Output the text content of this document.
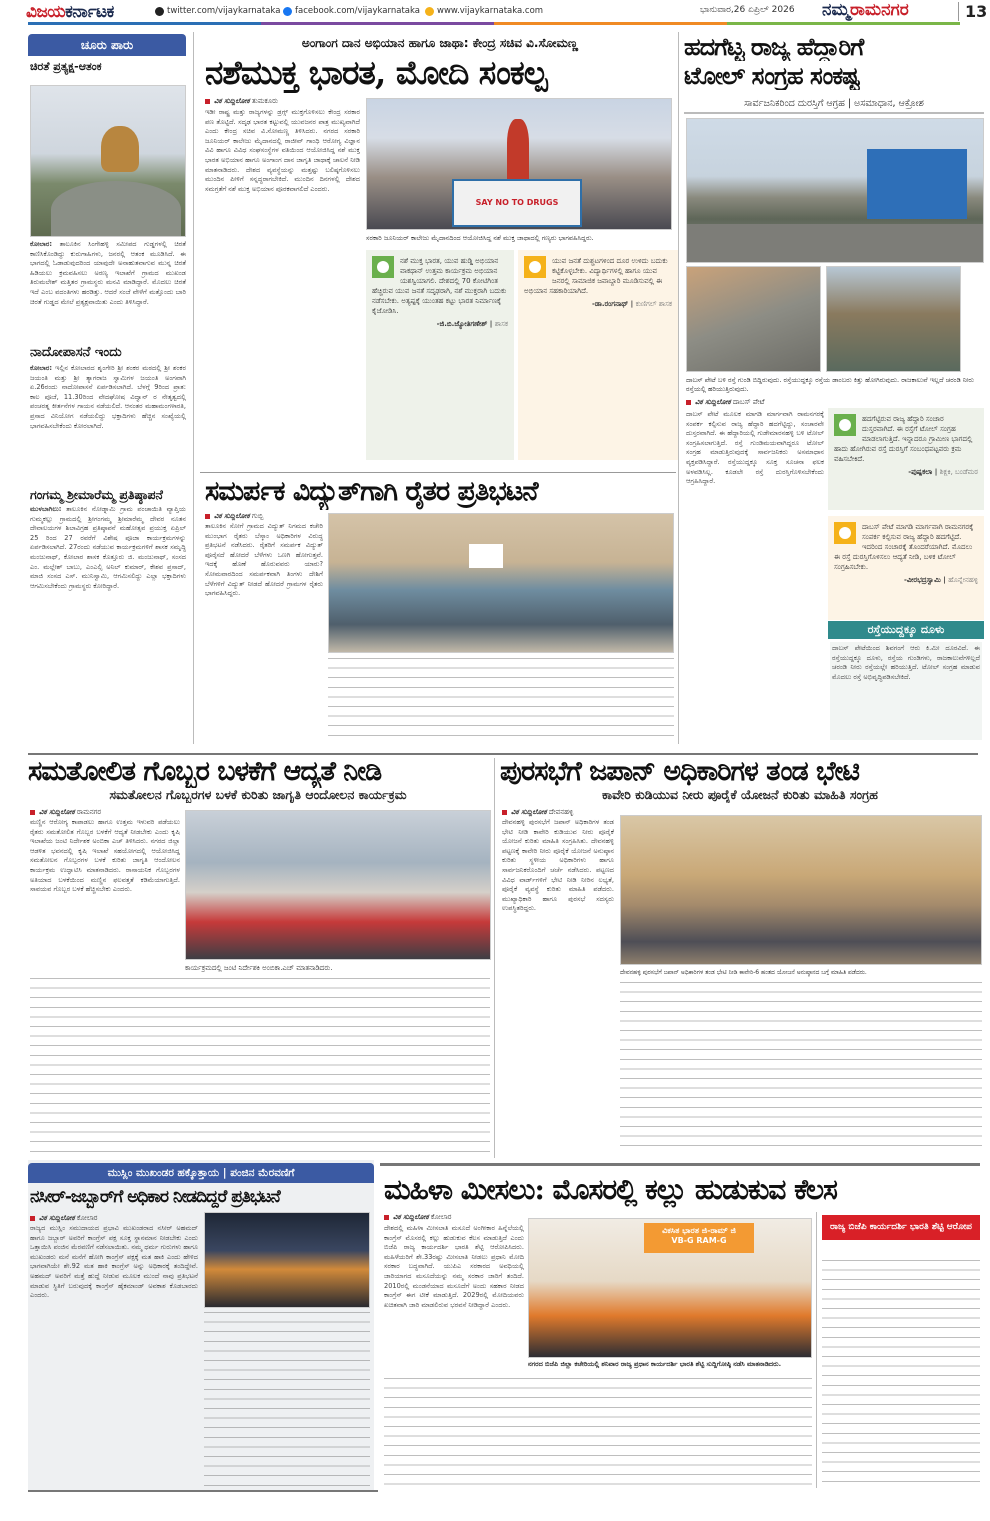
ವಿಜಯಕರ್ನಾಟಕ	twitter.com/vijaykarnataka facebook.com/vijaykarnataka www.vijaykarnataka.com	ಭಾನುವಾರ,26 ಏಪ್ರಿಲ್ 2026 ನಮ್ಮರಾಮನಗರ	13
ಚೂರು ಪಾರು
ಚಿರತೆ ಪ್ರತ್ಯಕ್ಷ-ಆತಂಕ
ಕೋಲಾರ: ತಾಲೂಕಿನ ಸಿಂಗೇಹಳ್ಳಿ ಸಮೀಪದ ಗುಡ್ಡಗಳಲ್ಲಿ ಚಿರತೆ ಕಾಣಿಸಿಕೊಂಡಿದ್ದು ಕುರುಗಾಹಿಗಳು, ಜನರಲ್ಲಿ ಆತಂಕ ಮೂಡಿಸಿದೆ. ಈ ಭಾಗದಲ್ಲಿ ಓಡಾಡುವುದರಿಂದ ಯಾವುದೇ ಅನಾಹುತವಾಗುವ ಮುನ್ನ ಚಿರತೆ ಹಿಡಿಯಲು ಕ್ರಮವಹಿಸಲು ಅರಣ್ಯ ಇಲಾಖೆಗೆ ಗ್ರಾಮದ ಮುಖಂಡ ತಿರುಮಲೇಶ್ ಮತ್ತಿತರ ಗ್ರಾಮಸ್ಥರು ಮನವಿ ಮಾಡಿದ್ದಾರೆ. ಮೊದಲು ಚಿರತೆ ಇದೆ ಎಂಬ ವದಂತಿಗಳು ಹರಡಿತ್ತು. ಆದರೆ ಸಂಜೆ ವೇಳೆಗೆ ಮತ್ತೊಂದು ಬಾರಿ ಚಿರತೆ ಗುಡ್ಡದ ಮೇಲೆ ಪ್ರತ್ಯಕ್ಷವಾಯಿತು ಎಂದು ತಿಳಿಸಿದ್ದಾರೆ.
ನಾದೋಪಾಸನೆ ಇಂದು
ಕೋಲಾರ: ಇಲ್ಲಿನ ಕೋಲಾರದ ಶೃಂಗೇರಿ ಶ್ರೀ ಶಂಕರ ಮಠದಲ್ಲಿ ಶ್ರೀ ಶಂಕರ ಜಯಂತಿ ಮತ್ತು ಶ್ರೀ ತ್ಯಾಗರಾಜ ಸ್ವಾಮಿಗಳ ಜಯಂತಿ ಅಂಗವಾಗಿ ಏ.26ರಂದು ನಾದೋಪಾಸನೆ ಏರ್ಪಡಿಸಲಾಗಿದೆ. ಬೆಳಗ್ಗೆ 9ರಿಂದ ಪ್ರಾತ: ಕಾಲ ಪೂಜೆ, 11.30ರಿಂದ ವೇದಘೋಷ ವಿದ್ವಾನ್ ರ ನೇತೃತ್ವದಲ್ಲಿ ಪಂಚರತ್ನ ಕೀರ್ತನೆಗಳ ಗಾಯನ ನಡೆಯಲಿದೆ. ಆನಂತರ ಮಹಾಮಂಗಳಾರತಿ, ಪ್ರಸಾದ ವಿನಿಯೋಗ ನಡೆಯಲಿದ್ದು ಭಕ್ತಾದಿಗಳು ಹೆಚ್ಚಿನ ಸಂಖ್ಯೆಯಲ್ಲಿ ಭಾಗವಹಿಸಬೇಕೆಂದು ಕೋರಲಾಗಿದೆ.
ಗಂಗಮ್ಮ ಶ್ರೀಮಾರೆಮ್ಮ ಪ್ರತಿಷ್ಠಾಪನೆ
ಮುಳಬಾಗಿಲು: ತಾಲೂಕಿನ ನೋಡ್ನಾಮಿ ಗ್ರಾಮ ಪಂಚಾಯಿತಿ ವ್ಯಾಪ್ತಿಯ ಗುಮ್ಮಕಲ್ಲು ಗ್ರಾಮದಲ್ಲಿ ಶ್ರೀಗಂಗಮ್ಮ ಶ್ರೀಮಾರೆಮ್ಮ ದೇವರ ನೂತನ ದೇವಾಲಯಗಳ ಶಿಲಾವಿಗ್ರಹ ಪ್ರತಿಷ್ಠಾಪನೆ ಮಹೋತ್ಸವ ಪ್ರಯುಕ್ತ ಏಪ್ರಿಲ್ 25 ರಿಂದ 27 ರವರೆಗೆ ವಿಶೇಷ ಪೂಜಾ ಕಾರ್ಯಕ್ರಮಗಳನ್ನು ಏರ್ಪಡಿಸಲಾಗಿದೆ. 27ರಂದು ನಡೆಯುವ ಕಾರ್ಯಕ್ರಮಗಳಿಗೆ ಶಾಸಕ ಸಮೃದ್ಧಿ ಮಂಜುನಾಥ್, ಕೋಲಾರ ಶಾಸಕ ಕೊತ್ತೂರು ಜಿ. ಮಂಜುನಾಥ್, ಸಂಸದ ಎಂ. ಮಲ್ಲೇಶ್ ಬಾಬು, ಎಂಎಲ್ಸಿ ಅನಿಲ್ ಕುಮಾರ್, ಕೇಶವ ಪ್ರಸಾದ್, ಮಾಜಿ ಸಂಸದ ಎಸ್. ಮುನಿಸ್ವಾಮಿ, ಆಗಮಿಸಲಿದ್ದು ಎಲ್ಲಾ ಭಕ್ತಾದಿಗಳು ಆಗಮಿಸಬೇಕೆಂದು ಗ್ರಾಮಸ್ಥರು ಕೋರಿದ್ದಾರೆ.
ಅಂಗಾಂಗ ದಾನ ಅಭಿಯಾನ ಹಾಗೂ ಜಾಥಾ: ಕೇಂದ್ರ ಸಚಿವ ವಿ.ಸೋಮಣ್ಣ
ನಶೆಮುಕ್ತ ಭಾರತ, ಮೋದಿ ಸಂಕಲ್ಪ
ವಿಕ ಸುದ್ದಿಲೋಕ ತುಮಕೂರು
ಇಡೀ ರಾಷ್ಟ್ರ ಮತ್ತು ರಾಜ್ಯಗಳನ್ನು ಡ್ರಗ್ಸ್ ಮುಕ್ತಗೊಳಿಸಲು ಕೇಂದ್ರ ಸರಕಾರ ಪಣ ತೊಟ್ಟಿದೆ. ಸದೃಢ ಭಾರತ ಕಟ್ಟುವಲ್ಲಿ ಯುವಜನರ ಪಾತ್ರ ಮುಖ್ಯವಾಗಿದೆ ಎಂದು ಕೇಂದ್ರ ಸಚಿವ ವಿ.ಸೋಮಣ್ಣ ತಿಳಿಸಿದರು. ನಗರದ ಸರಕಾರಿ ಜೂನಿಯರ್ ಕಾಲೇಜು ಮೈದಾನದಲ್ಲಿ ರಾಜೀವ್ ಗಾಂಧಿ ಆರೋಗ್ಯ ವಿಜ್ಞಾನ ವಿವಿ ಹಾಗೂ ವಿವಿಧ ಸಂಘಸಂಸ್ಥೆಗಳ ವತಿಯಿಂದ ಆಯೋಜಿಸಿದ್ದ ನಶೆ ಮುಕ್ತ ಭಾರತ ಅಭಿಯಾನ ಹಾಗೂ ಅಂಗಾಂಗ ದಾನ ಜಾಗೃತಿ ಜಾಥಾಕ್ಕೆ ಚಾಲನೆ ನೀಡಿ ಮಾತನಾಡಿದರು. ದೇಶದ ವ್ಯವಸ್ಥೆಯನ್ನು ಮತ್ತಷ್ಟು ಬಲಿಷ್ಠಗೊಳಿಸಲು ಮುಂದಿನ ಪೀಳಿಗೆ ಸನ್ನದ್ಧರಾಗಬೇಕಿದೆ. ಮುಂದಿನ ದಿನಗಳಲ್ಲಿ ದೇಶದ ಸಮಗ್ರತೆಗೆ ನಶೆ ಮುಕ್ತ ಅಭಿಯಾನ ಪೂರಕವಾಗಲಿದೆ ಎಂದರು.
SAY NO TO DRUGS
ಸರಕಾರಿ ಜೂನಿಯರ್ ಕಾಲೇಜು ಮೈದಾನದಿಂದ ಆಯೋಜಿಸಿದ್ದ ನಶೆ ಮುಕ್ತ ಜಾಥಾದಲ್ಲಿ ಗಣ್ಯರು ಭಾಗವಹಿಸಿದ್ದರು.
ನಶೆ ಮುಕ್ತ ಭಾರತ, ಯುವ ಹುಡ್ಡಿ ಅಭಿಯಾನ ವಾಕಥಾನ್ ಉತ್ತಮ ಕಾರ್ಯಕ್ರಮ ಅಭಿಯಾನ ಯಶಸ್ವಿಯಾಗಲಿ. ದೇಶದಲ್ಲಿ 70 ಕೋಟಿಗಿಂತ ಹೆಚ್ಚಿರುವ ಯುವ ಜನತೆ ಸದೃಢರಾಗಿ, ನಶೆ ಮುಕ್ತರಾಗಿ ಬದುಕು ನಡೆಸಬೇಕು. ಅತ್ಯಷ್ಟಕ್ಕೆ ಯುಂತಹ ಕಟ್ಟು ಭಾರತ ನಿರ್ಮಾಣಕ್ಕೆ ಕೈಜೋಡಿಸಿ.
-ಜಿ.ಬಿ.ಜ್ಯೋತಿಗಣೇಶ್ | ಶಾಸಕ
ಯುವ ಜನತೆ ದುಶ್ಚಟಗಳಿಂದ ದೂರ ಉಳಿದು ಬದುಕು ಕಟ್ಟಿಕೊಳ್ಳಬೇಕು. ವಿದ್ಯಾರ್ಥಿಗಳಲ್ಲಿ ಹಾಗೂ ಯುವ ಜನರಲ್ಲಿ ಸಾಮಾಜಿಕ ಜವಾಬ್ದಾರಿ ಮೂಡಿಸುವಲ್ಲಿ ಈ ಅಭಿಯಾನ ಸಹಕಾರಿಯಾಗಿದೆ.
-ಡಾ.ರಂಗನಾಥ್ | ಕುಣಿಗಲ್ ಶಾಸಕ
ಹದಗೆಟ್ಟ ರಾಜ್ಯ ಹೆದ್ದಾರಿಗೆ
ಟೋಲ್ ಸಂಗ್ರಹ ಸಂಕಷ್ಟ
ಸಾರ್ವಜನಿಕರಿಂದ ದುರಸ್ತಿಗೆ ಆಗ್ರಹ | ಅಸಮಾಧಾನ, ಆಕ್ರೋಶ
ದಾಬಸ್ ಪೇಟೆ ಬಳಿ ರಸ್ತೆ ಗುಂಡಿ ಬಿದ್ದಿರುವುದು. ರಸ್ತೆಯುದ್ದಕ್ಕೂ ರಸ್ತೆಯ ಡಾಂಬರು ಕಿತ್ತು ಹೋಗಿರುವುದು. ರಾಜಕಾಲುವೆ ಇಲ್ಲದೆ ಚರಂಡಿ ನೀರು ರಸ್ತೆಯಲ್ಲಿ ಹರಿಯುತ್ತಿರುವುದು.
ವಿಕ ಸುದ್ದಿಲೋಕ ದಾಬಸ್ ಪೇಟೆ
ದಾಬಸ್ ಪೇಟೆ ಮೂಲಕ ಮಾಗಡಿ ಮಾರ್ಗವಾಗಿ ರಾಮನಗರಕ್ಕೆ ಸಂಪರ್ಕ ಕಲ್ಪಿಸುವ ರಾಜ್ಯ ಹೆದ್ದಾರಿ ಹದಗೆಟ್ಟಿದ್ದು, ಸಂಚಾರವೇ ದುಸ್ತರವಾಗಿದೆ. ಈ ಹೆದ್ದಾರಿಯಲ್ಲಿ ಗುಡೇಮಾರನಹಳ್ಳಿ ಬಳಿ ಟೋಲ್ ಸಂಗ್ರಹಿಸಲಾಗುತ್ತಿದೆ. ರಸ್ತೆ ಗುಂಡಿಮಯವಾಗಿದ್ದರೂ ಟೋಲ್ ಸಂಗ್ರಹ ಮಾಡುತ್ತಿರುವುದಕ್ಕೆ ಸಾರ್ವಜನಿಕರು ಅಸಮಾಧಾನ ವ್ಯಕ್ತಪಡಿಸಿದ್ದಾರೆ. ರಸ್ತೆಯುದ್ದಕ್ಕೂ ಸೂಕ್ತ ಸೂಚನಾ ಫಲಕ ಅಳವಡಿಸಿಲ್ಲ. ಕೂಡಲೇ ರಸ್ತೆ ದುರಸ್ತಿಗೊಳಿಸಬೇಕೆಂದು ಆಗ್ರಹಿಸಿದ್ದಾರೆ.
ಹದಗೆಟ್ಟಿರುವ ರಾಜ್ಯ ಹೆದ್ದಾರಿ ಸಂಚಾರ ದುಸ್ತರವಾಗಿದೆ. ಈ ರಸ್ತೆಗೆ ಟೋಲ್ ಸಂಗ್ರಹ ಮಾಡಲಾಗುತ್ತಿದೆ. ಇನ್ನಾದರೂ ಗ್ರಾಮೀಣ ಭಾಗದಲ್ಲಿ ಹಾದು ಹೋಗಿರುವ ರಸ್ತೆ ದುರಸ್ತಿಗೆ ಸಂಬಂಧಪಟ್ಟವರು ಕ್ರಮ ವಹಿಸಬೇಕಿದೆ.
-ಪುಷ್ಪಕಲಾ | ಶಿಕ್ಷಕಿ, ಬಂಡೆಮಠ
ದಾಬಸ್ ಪೇಟೆ ಮಾಗಡಿ ಮಾರ್ಗವಾಗಿ ರಾಮನಗರಕ್ಕೆ ಸಂಪರ್ಕ ಕಲ್ಪಿಸುವ ರಾಜ್ಯ ಹೆದ್ದಾರಿ ಹದಗೆಟ್ಟಿದೆ. ಇದರಿಂದ ಸಂಚಾರಕ್ಕೆ ತೊಂದರೆಯಾಗಿದೆ. ಮೊದಲು ಈ ರಸ್ತೆ ದುರಸ್ತಿಗೊಳಿಸಲು ಆದ್ಯತೆ ನೀಡಿ, ಬಳಿಕ ಟೋಲ್ ಸಂಗ್ರಹಿಸಬೇಕು.
-ವೀರಭದ್ರಸ್ವಾಮಿ | ಹೊನ್ನೇನಹಳ್ಳಿ
ರಸ್ತೆಯುದ್ದಕ್ಕೂ ದೂಳು
ದಾಬಸ್ ಪೇಟೆಯಿಂದ ಶಿವಗಂಗೆ ಆರು ಕಿ.ಮೀ ದೂರವಿದೆ. ಈ ರಸ್ತೆಯುದ್ದಕ್ಕೂ ದೂಳು, ರಸ್ತೆಯ ಗುಂಡಿಗಳು, ರಾಜಕಾಲುವೆಗಳಿಲ್ಲದೆ ಚರಂಡಿ ನೀರು ರಸ್ತೆಯಲ್ಲೇ ಹರಿಯುತ್ತಿದೆ. ಟೋಲ್ ಸಂಗ್ರಹ ಮಾಡುವ ಮೊದಲು ರಸ್ತೆ ಅಭಿವೃದ್ಧಿಪಡಿಸಬೇಕಿದೆ.
ಸಮರ್ಪಕ ವಿದ್ಯುತ್‌ಗಾಗಿ ರೈತರ ಪ್ರತಿಭಟನೆ
ವಿಕ ಸುದ್ದಿಲೋಕ ಗುಬ್ಬಿ
ತಾಲೂಕಿನ ಸೋಗೆ ಗ್ರಾಮದ ವಿದ್ಯುತ್ ನಿಗಮದ ಕಚೇರಿ ಮುಂಭಾಗ ರೈತರು ಬೆಸ್ಕಾಂ ಅಧಿಕಾರಿಗಳ ವಿರುದ್ಧ ಪ್ರತಿಭಟನೆ ನಡೆಸಿದರು. ರೈತರಿಗೆ ಸಮರ್ಪಕ ವಿದ್ಯುತ್ ಪೂರೈಸದೆ ಹೋದರೆ ಬೆಳೆಗಳು ಒಣಗಿ ಹೋಗುತ್ತವೆ. ಇದಕ್ಕೆ ಹೊಣೆ ಹೊರುವವರು ಯಾರು? ಸೋಮವಾರದಿಂದ ಸಮರ್ಪಕವಾಗಿ ತಿಂಗಳು ದೇಶಿಗೆ ಬೆಳೆಗಳಿಗೆ ವಿದ್ಯುತ್ ನೀಡದೆ ಹೋದರೆ ಗ್ರಾಮಗಳ ರೈತರು ಭಾಗವಹಿಸಿದ್ದರು.
ಸಮತೋಲಿತ ಗೊಬ್ಬರ ಬಳಕೆಗೆ ಆದ್ಯತೆ ನೀಡಿ
ಸಮತೋಲನ ಗೊಬ್ಬರಗಳ ಬಳಕೆ ಕುರಿತು ಜಾಗೃತಿ ಆಂದೋಲನ ಕಾರ್ಯಕ್ರಮ
ವಿಕ ಸುದ್ದಿಲೋಕ ರಾಮನಗರ
ಮಣ್ಣಿನ ಆರೋಗ್ಯ ಕಾಪಾಡಲು ಹಾಗೂ ಉತ್ತಮ ಇಳುವರಿ ಪಡೆಯಲು ರೈತರು ಸಮತೋಲಿತ ಗೊಬ್ಬರ ಬಳಕೆಗೆ ಆದ್ಯತೆ ನೀಡಬೇಕು ಎಂದು ಕೃಷಿ ಇಲಾಖೆಯ ಜಂಟಿ ನಿರ್ದೇಶಕ ಅಂಬಿಕಾ ಎಚ್ ತಿಳಿಸಿದರು. ನಗರದ ಜಿಲ್ಲಾ ಆಡಳಿತ ಭವನದಲ್ಲಿ ಕೃಷಿ ಇಲಾಖೆ ಸಹಯೋಗದಲ್ಲಿ ಆಯೋಜಿಸಿದ್ದ ಸಮತೋಲನ ಗೊಬ್ಬರಗಳ ಬಳಕೆ ಕುರಿತು ಜಾಗೃತಿ ಆಂದೋಲನ ಕಾರ್ಯಕ್ರಮ ಉದ್ಘಾಟಿಸಿ ಮಾತನಾಡಿದರು. ರಾಸಾಯನಿಕ ಗೊಬ್ಬರಗಳ ಅತಿಯಾದ ಬಳಕೆಯಿಂದ ಮಣ್ಣಿನ ಫಲವತ್ತತೆ ಕಡಿಮೆಯಾಗುತ್ತಿದೆ. ಸಾವಯವ ಗೊಬ್ಬರ ಬಳಕೆ ಹೆಚ್ಚಿಸಬೇಕು ಎಂದರು.
ಕಾರ್ಯಕ್ರಮದಲ್ಲಿ ಜಂಟಿ ನಿರ್ದೇಶಕಿ ಅಂಬಿಕಾ.ಎಚ್ ಮಾತನಾಡಿದರು.
ಪುರಸಭೆಗೆ ಜಪಾನ್ ಅಧಿಕಾರಿಗಳ ತಂಡ ಭೇಟಿ
ಕಾವೇರಿ ಕುಡಿಯುವ ನೀರು ಪೂರೈಕೆ ಯೋಜನೆ ಕುರಿತು ಮಾಹಿತಿ ಸಂಗ್ರಹ
ವಿಕ ಸುದ್ದಿಲೋಕ ದೇವನಹಳ್ಳಿ
ದೇವನಹಳ್ಳಿ ಪುರಸಭೆಗೆ ಜಪಾನ್ ಅಧಿಕಾರಿಗಳ ತಂಡ ಭೇಟಿ ನೀಡಿ ಕಾವೇರಿ ಕುಡಿಯುವ ನೀರು ಪೂರೈಕೆ ಯೋಜನೆ ಕುರಿತು ಮಾಹಿತಿ ಸಂಗ್ರಹಿಸಿತು. ದೇವನಹಳ್ಳಿ ಪಟ್ಟಣಕ್ಕೆ ಕಾವೇರಿ ನೀರು ಪೂರೈಕೆ ಯೋಜನೆ ಅನುಷ್ಠಾನ ಕುರಿತು ಸ್ಥಳೀಯ ಅಧಿಕಾರಿಗಳು ಹಾಗೂ ಸಾರ್ವಜನಿಕರೊಂದಿಗೆ ಚರ್ಚೆ ನಡೆಸಿದರು. ಪಟ್ಟಣದ ವಿವಿಧ ವಾರ್ಡ್‌ಗಳಿಗೆ ಭೇಟಿ ನೀಡಿ ನೀರಿನ ಲಭ್ಯತೆ, ಪೂರೈಕೆ ವ್ಯವಸ್ಥೆ ಕುರಿತು ಮಾಹಿತಿ ಪಡೆದರು. ಮುಖ್ಯಾಧಿಕಾರಿ ಹಾಗೂ ಪುರಸಭೆ ಸದಸ್ಯರು ಉಪಸ್ಥಿತರಿದ್ದರು.
ದೇವನಹಳ್ಳಿ ಪುರಸಭೆಗೆ ಜಪಾನ್ ಅಧಿಕಾರಿಗಳ ತಂಡ ಭೇಟಿ ನೀಡಿ ಕಾವೇರಿ-6 ಹಂತದ ಯೋಜನೆ ಅನುಷ್ಠಾನದ ಬಗ್ಗೆ ಮಾಹಿತಿ ಪಡೆದರು.
ಮುಸ್ಲಿಂ ಮುಖಂಡರ ಹಕ್ಕೊತ್ತಾಯ | ಪಂಜಿನ ಮೆರವಣಿಗೆ
ನಸೀರ್-ಜಬ್ಬಾರ್‌ಗೆ ಅಧಿಕಾರ ನೀಡದಿದ್ದರೆ ಪ್ರತಿಭಟನೆ
ವಿಕ ಸುದ್ದಿಲೋಕ ಕೋಲಾರ
ರಾಜ್ಯದ ಮುಸ್ಲಿಂ ಸಮುದಾಯದ ಪ್ರಭಾವಿ ಮುಖಂಡರಾದ ನಸೀರ್ ಅಹಮದ್ ಹಾಗೂ ಜಬ್ಬಾರ್ ಅವರಿಗೆ ಕಾಂಗ್ರೆಸ್ ಪಕ್ಷ ಸೂಕ್ತ ಸ್ಥಾನಮಾನ ನೀಡಬೇಕು ಎಂದು ಒತ್ತಾಯಿಸಿ ಪಂಜಿನ ಮೆರವಣಿಗೆ ನಡೆಸಲಾಯಿತು. ನಮ್ಮ ಧರ್ಮ ಗುರುಗಳು ಹಾಗೂ ಮುಖಂಡರು ಮನೆ ಮನೆಗೆ ಹೋಗಿ ಕಾಂಗ್ರೆಸ್ ಪಕ್ಷಕ್ಕೆ ಮತ ಹಾಕಿ ಎಂದು ಹೇಳಿದ ಭಾಗವಾಗಿಯೇ ಶೇ.92 ಮತ ಹಾಕಿ ಕಾಂಗ್ರೆಸ್ ಅನ್ನು ಅಧಿಕಾರಕ್ಕೆ ತಂದಿದ್ದೇವೆ. ಅಹಮದ್ ಅವರಿಗೆ ಮತ್ತೆ ಹುದ್ದೆ ನೀಡುವ ಮೂಲಕ ಮುಂದೆ ನಾವು ಪ್ರತಿಭಟನೆ ಮಾಡುವ ಸ್ಥಿತಿಗೆ ಬರುವುದಕ್ಕೆ ಕಾಂಗ್ರೆಸ್ ಹೈಕಮಾಂಡ್ ಅವಕಾಶ ಕೊಡಬಾರದು ಎಂದರು.
ಮಹಿಳಾ ಮೀಸಲು: ಮೊಸರಲ್ಲಿ ಕಲ್ಲು ಹುಡುಕುವ ಕೆಲಸ
ವಿಕ ಸುದ್ದಿಲೋಕ ಕೋಲಾರ
ದೇಶದಲ್ಲಿ ಮಹಿಳಾ ಮೀಸಲಾತಿ ಮಸೂದೆ ಅಂಗೀಕಾರ ಹಿನ್ನೆಲೆಯಲ್ಲಿ ಕಾಂಗ್ರೆಸ್ ಮೊಸರಲ್ಲಿ ಕಲ್ಲು ಹುಡುಕುವ ಕೆಲಸ ಮಾಡುತ್ತಿದೆ ಎಂದು ಬಿಜೆಪಿ ರಾಜ್ಯ ಕಾರ್ಯದರ್ಶಿ ಭಾರತಿ ಶೆಟ್ಟಿ ಆರೋಪಿಸಿದರು. ಮಹಿಳೆಯರಿಗೆ ಶೇ.33ರಷ್ಟು ಮೀಸಲಾತಿ ನೀಡಲು ಪ್ರಧಾನಿ ಮೋದಿ ಸರಕಾರ ಬದ್ಧವಾಗಿದೆ. ಯುಪಿಎ ಸರಕಾರದ ಅವಧಿಯಲ್ಲಿ ಜಾರಿಯಾಗದ ಮಸೂದೆಯನ್ನು ನಮ್ಮ ಸರಕಾರ ಜಾರಿಗೆ ತಂದಿದೆ. 2010ರಲ್ಲಿ ಮಂಡನೆಯಾದ ಮಸೂದೆಗೆ ಅಂದು ಸಹಕಾರ ನೀಡದ ಕಾಂಗ್ರೆಸ್ ಈಗ ಟೀಕೆ ಮಾಡುತ್ತಿದೆ. 2029ರಲ್ಲಿ ಮೋದಿಯವರು ಖಚಿತವಾಗಿ ಜಾರಿ ಮಾಡಲಿರುವ ಭರವಸೆ ನೀಡಿದ್ದಾರೆ ಎಂದರು.
ವಿಕಸಿತ ಭಾರತ ಜಿ-ರಾಮ್ ಜಿ
VB-G RAM-G
ನಗರದ ಬಿಜೆಪಿ ಜಿಲ್ಲಾ ಕಚೇರಿಯಲ್ಲಿ ಶನಿವಾರ ರಾಜ್ಯ ಪ್ರಧಾನ ಕಾರ್ಯದರ್ಶಿ ಭಾರತಿ ಶೆಟ್ಟಿ ಸುದ್ದಿಗೋಷ್ಠಿ ನಡೆಸಿ ಮಾತನಾಡಿದರು.
ರಾಜ್ಯ ಬಿಜೆಪಿ ಕಾರ್ಯದರ್ಶಿ ಭಾರತಿ ಶೆಟ್ಟಿ ಆರೋಪ
